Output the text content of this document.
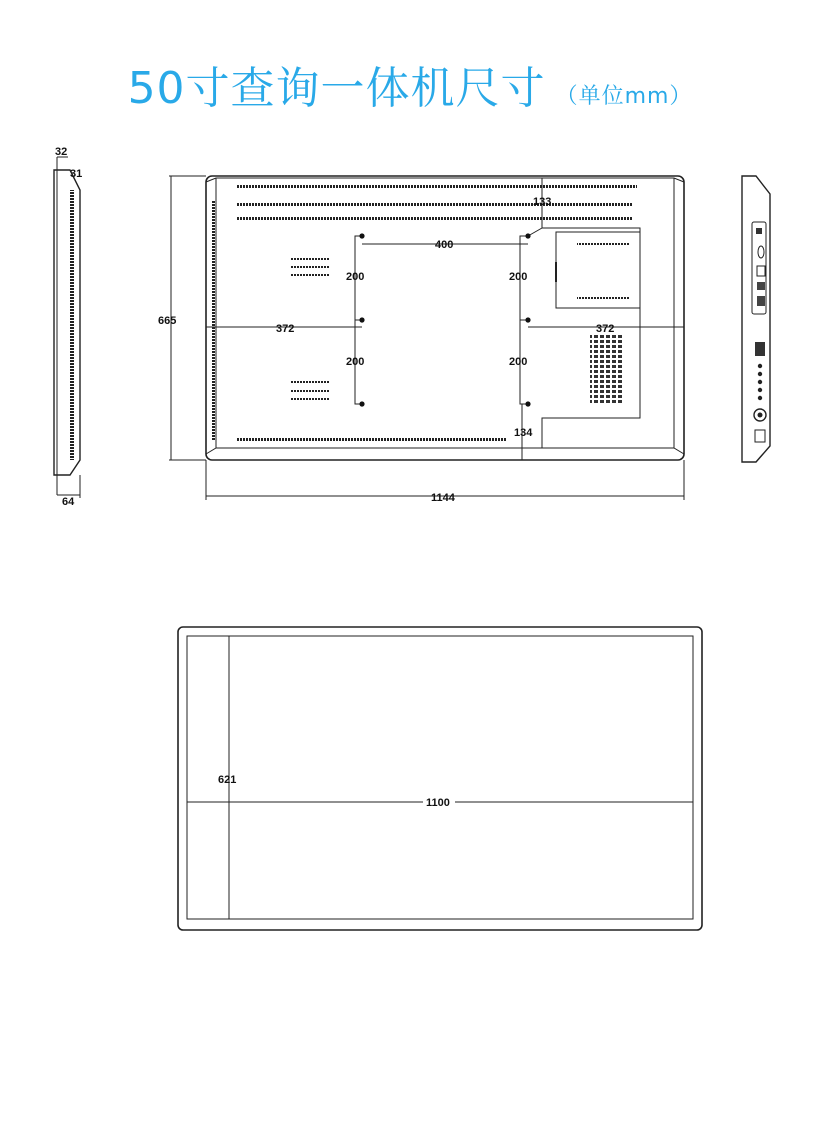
50寸查询一体机尺寸 （单位mm）
32
31
64
665
1144
400
200
200
200
200
372	372
133
134
621
1100
